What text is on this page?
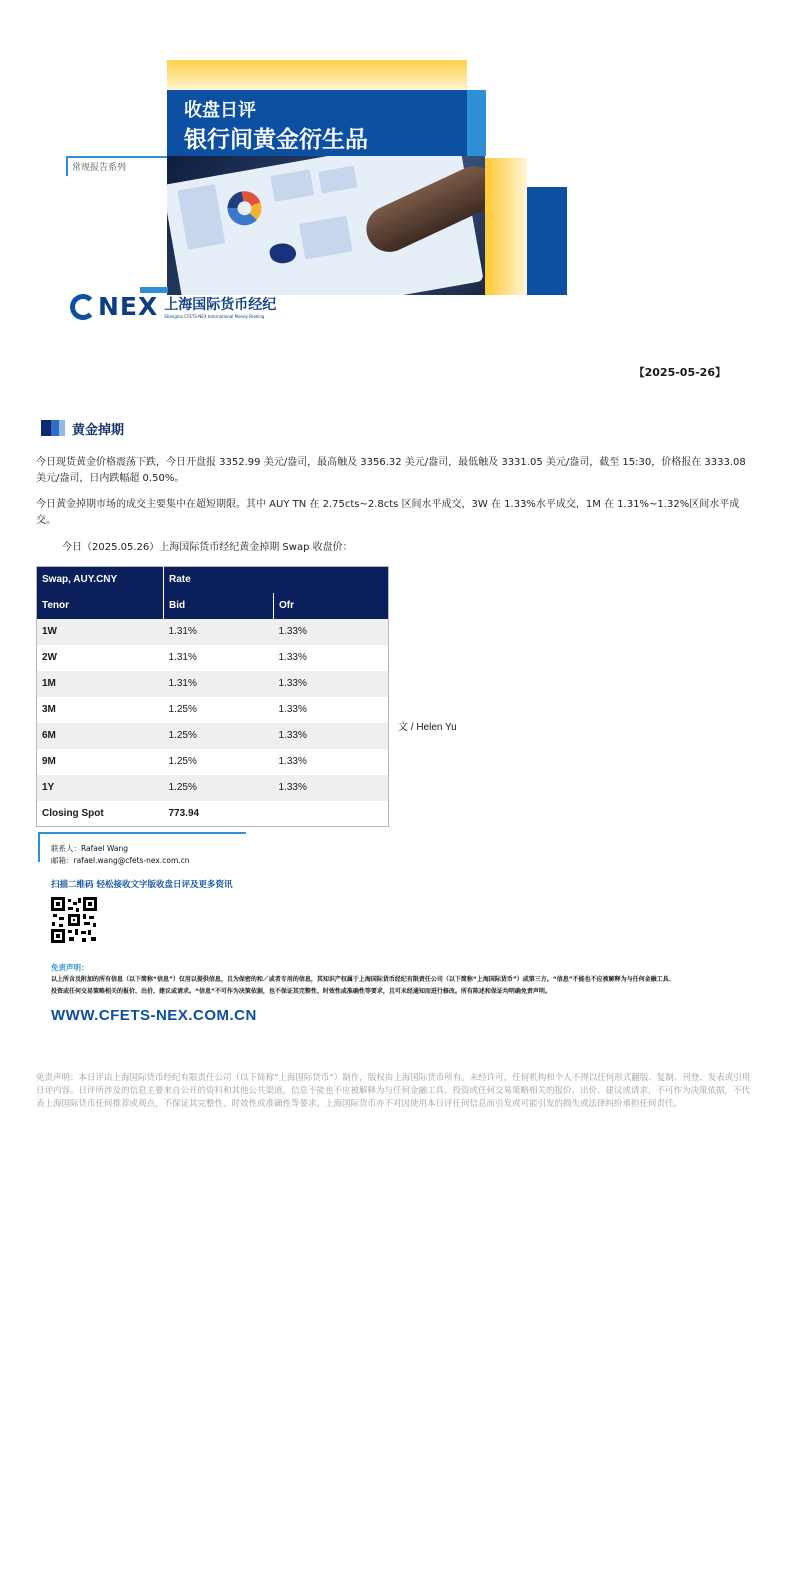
收盘日评
银行间黄金衍生品
常规报告系列
NEX 上海国际货币经纪
Shanghai CFETS-NEX International Money Broking
【2025-05-26】
黄金掉期

今日现货黄金价格震荡下跌，今日开盘报 3352.99 美元/盎司，最高触及 3356.32 美元/盎司，最低触及 3331.05 美元/盎司，截至 15:30，价格报在 3333.08 美元/盎司，日内跌幅超 0.50%。

今日黄金掉期市场的成交主要集中在超短期限。其中 AUY TN 在 2.75cts~2.8cts 区间水平成交，3W 在 1.33%水平成交，1M 在 1.31%~1.32%区间水平成交。

今日（2025.05.26）上海国际货币经纪黄金掉期 Swap 收盘价：

Swap, AUY.CNY	Rate	
Tenor	Bid	Ofr
1W	1.31%	1.33%
2W	1.31%	1.33%
1M	1.31%	1.33%
3M	1.25%	1.33%
6M	1.25%	1.33%
9M	1.25%	1.33%
1Y	1.25%	1.33%
Closing Spot	773.94	
文 / Helen Yu
联系人：Rafael Wang
邮箱：rafael.wang@cfets-nex.com.cn
扫描二维码 轻松接收文字版收盘日评及更多资讯
免责声明：
以上所含及附加的所有信息（以下简称“信息”）仅用以提供信息，且为保密的和／或者专用的信息，其知识产权属于上海国际货币经纪有限责任公司（以下简称“上海国际货币”）或第三方。“信息”不能也不应被解释为与任何金融工具、
投资或任何交易策略相关的报价、出价、建议或请求。“信息”不可作为决策依据，也不保证其完整性、时效性或准确性等要求，且可未经通知而进行修改。所有陈述和保证均明确免责声明。
WWW.CFETS-NEX.COM.CN
免责声明：本日评由上海国际货币经纪有限责任公司（以下简称“上海国际货币”）制作，版权由上海国际货币所有。未经许可，任何机构和个人不得以任何形式翻版、复制、刊登、发表或引用日评内容。日评所涉及的信息主要来自公开的资料和其他公共渠道，信息不能也不应被解释为与任何金融工具、投资或任何交易策略相关的报价、出价、建议或请求，不可作为决策依据，不代表上海国际货币任何推荐或观点，不保证其完整性、时效性或准确性等要求。上海国际货币亦不对因使用本日评任何信息而引发或可能引发的损失或法律纠纷承担任何责任。
